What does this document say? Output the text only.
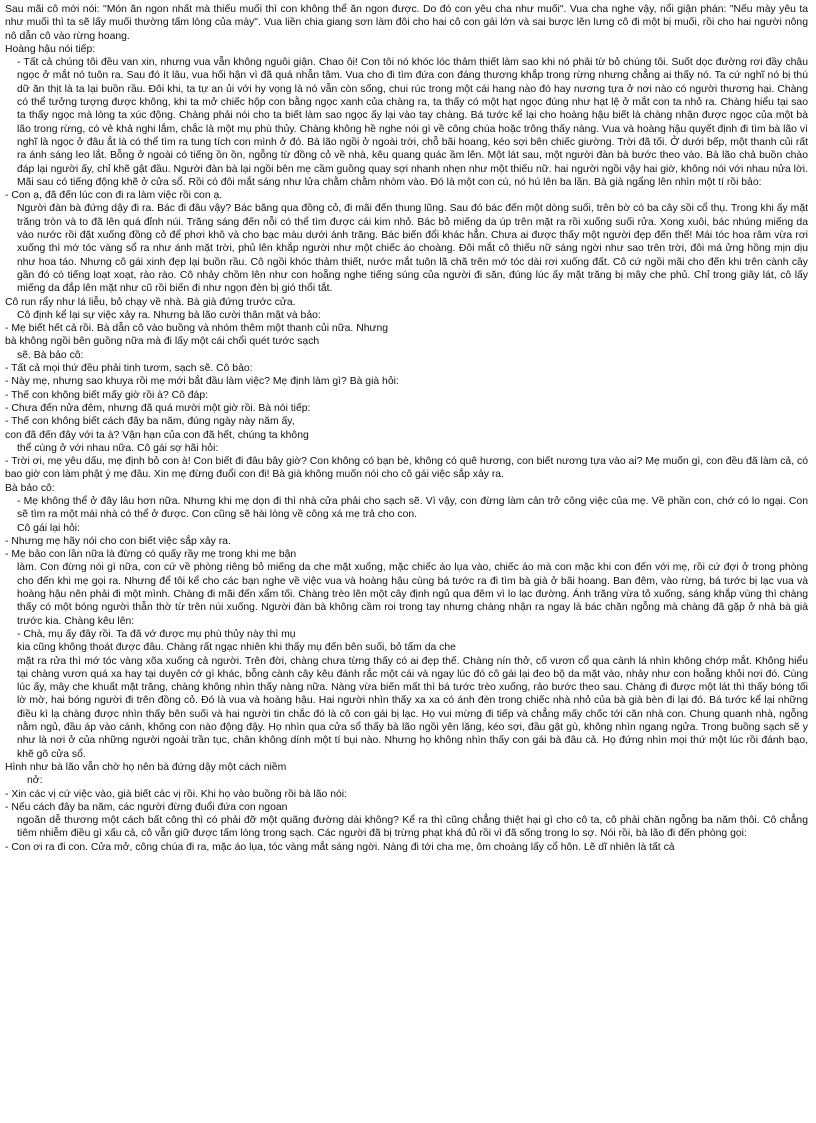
Sau mãi cô mới nói: "Món ăn ngon nhất mà thiếu muối thì con không thể ăn ngon được. Do đó con yêu cha như muối". Vua cha nghe vậy, nổi giận phán: "Nếu mày yêu ta như muối thì ta sẽ lấy muối thường tấm lòng của mày". Vua liền chia giang sơn làm đôi cho hai cô con gái lớn và sai bược lên lưng cô đi một bị muối, rồi cho hai người nông nô dẫn cô vào rừng hoang.

Hoàng hậu nói tiếp:

- Tất cả chúng tôi đều van xin, nhưng vua vẫn không nguôi giận. Chao ôi! Con tôi nó khóc lóc thảm thiết làm sao khi nó phải từ bỏ chúng tôi. Suốt dọc đường rơi đầy châu ngọc ở mắt nó tuôn ra. Sau đó ít lâu, vua hối hận vì đã quá nhẫn tâm. Vua cho đi tìm đứa con đáng thương khắp trong rừng nhưng chẳng ai thấy nó. Ta cứ nghĩ nó bị thú dữ ăn thịt là ta lại buồn rầu. Đôi khi, ta tự an ủi với hy vọng là nó vẫn còn sống, chui rúc trong một cái hang nào đó hay nương tựa ở nơi nào có người thương hại. Chàng có thể tưởng tượng được không, khi ta mở chiếc hộp con bằng ngọc xanh của chàng ra, ta thấy có một hạt ngọc đúng như hạt lệ ở mắt con ta nhỏ ra. Chàng hiểu tại sao ta thấy ngọc mà lòng ta xúc động. Chàng phải nói cho ta biết làm sao ngọc ấy lại vào tay chàng. Bá tước kể lại cho hoàng hậu biết là chàng nhận được ngọc của một bà lão trong rừng, có vẻ khả nghi lắm, chắc là một mụ phù thủy. Chàng không hề nghe nói gì về công chúa hoặc trông thấy nàng. Vua và hoàng hậu quyết định đi tìm bà lão vì nghĩ là ngọc ở đâu ắt là có thể tìm ra tung tích con mình ở đó. Bà lão ngồi ở ngoài trời, chỗ bãi hoang, kéo sợi bên chiếc giường. Trời đã tối. Ở dưới bếp, một thanh củi rất ra ánh sáng leo lắt. Bỗng ở ngoài có tiếng ồn ồn, ngỗng từ đồng cỏ về nhà, kêu quang quác ầm lên. Một lát sau, một người đàn bà bước theo vào. Bà lão chả buồn chào đáp lại người ấy, chỉ khẽ gật đầu. Người đàn bà lại ngồi bên mẹ cầm guồng quay sợi nhanh nhẹn như một thiếu nữ. hai người ngồi vậy hai giờ, không nói với nhau nửa lời. Mãi sau có tiếng động khẽ ở cửa sổ. Rồi có đôi mắt sáng như lửa chằm chằm nhòm vào. Đó là một con cú, nó hú lên ba lần. Bà già ngẩng lên nhìn một tí rồi bảo:

- Con ạ, đã đến lúc con đi ra làm việc rồi con ạ.

Người đàn bà đứng dậy đi ra. Bác đi đâu vậy? Bác băng qua đồng cỏ, đi mãi đến thung lũng. Sau đó bác đến một dòng suối, trên bờ có ba cây sồi cổ thụ. Trong khi ấy mặt trăng tròn và to đã lên quá đỉnh núi. Trăng sáng đến nỗi có thể tìm được cái kim nhỏ. Bác bỏ miếng da úp trên mặt ra rồi xuống suối rửa. Xong xuôi, bác nhúng miếng da vào nước rồi đặt xuống đồng cỏ để phơi khô và cho bạc màu dưới ánh trăng. Bác biến đổi khác hẳn. Chưa ai được thấy một người đẹp đến thế! Mái tóc hoa râm vừa rơi xuống thì mớ tóc vàng sổ ra như ánh mặt trời, phủ lên khắp người như một chiếc áo choàng. Đôi mắt cô thiếu nữ sáng ngời như sao trên trời, đôi má ửng hồng mịn dịu như hoa táo. Nhưng cô gái xinh đẹp lại buồn rầu. Cô ngồi khóc thảm thiết, nước mắt tuôn lã chã trên mớ tóc dài rơi xuống đất. Cô cứ ngồi mãi cho đến khi trên cành cây gần đó có tiếng loạt xoạt, rào rào. Cô nhảy chồm lên như con hoẵng nghe tiếng súng của người đi săn, đúng lúc ấy mặt trăng bị mây che phủ. Chỉ trong giây lát, cô lấy miếng da đắp lên mặt như cũ rồi biến đi như ngọn đèn bị gió thổi tắt.

Cô run rẩy như lá liễu, bỏ chạy về nhà. Bà già đứng trước cửa.

Cô định kể lại sự việc xảy ra. Nhưng bà lão cười thân mật và bảo:

- Mẹ biết hết cả rồi. Bà dẫn cô vào buồng và nhóm thêm một thanh củi nữa. Nhưng

bà không ngồi bên guồng nữa mà đi lấy một cái chổi quét tước sạch

sẽ. Bà bảo cô:

- Tất cả mọi thứ đều phải tinh tươm, sạch sẽ. Cô bảo:

- Này mẹ, nhưng sao khuya rồi mẹ mới bắt đầu làm việc? Mẹ định làm gì? Bà già hỏi:

- Thế con không biết mấy giờ rồi à? Cô đáp:

- Chưa đến nửa đêm, nhưng đã quá mười một giờ rồi. Bà nói tiếp:

- Thế con không biết cách đây ba năm, đúng ngày này năm ấy,

con đã đến đây với ta à? Vận hạn của con đã hết, chúng ta không

thể cùng ở với nhau nữa. Cô gái sợ hãi hỏi:

- Trời ơi, mẹ yêu dấu, mẹ định bỏ con à! Con biết đi đâu bây giờ? Con không có bạn bè, không có quê hương, con biết nương tựa vào ai? Mẹ muốn gì, con đều đã làm cả, có bao giờ con làm phật ý mẹ đâu. Xin mẹ đừng đuổi con đi! Bà già không muốn nói cho cô gái việc sắp xảy ra.

Bà bảo cô:

- Mẹ không thể ở đây lâu hơn nữa. Nhưng khi mẹ dọn đi thì nhà cửa phải cho sạch sẽ. Vì vậy, con đừng làm cản trở công việc của mẹ. Về phần con, chớ có lo ngại. Con sẽ tìm ra một mái nhà có thể ở được. Con cũng sẽ hài lòng về công xá mẹ trả cho con.

Cô gái lại hỏi:

- Nhưng mẹ hãy nói cho con biết việc sắp xảy ra.

- Mẹ bảo con lần nữa là đừng có quấy rầy mẹ trong khi mẹ bận

làm. Con đừng nói gì nữa, con cứ về phòng riêng bỏ miếng da che mặt xuống, mặc chiếc áo lụa vào, chiếc áo mà con mặc khi con đến với mẹ, rồi cứ đợi ở trong phòng cho đến khi mẹ gọi ra. Nhưng để tôi kể cho các bạn nghe về việc vua và hoàng hậu cùng bá tước ra đi tìm bà già ở bãi hoang. Ban đêm, vào rừng, bá tước bị lạc vua và hoàng hậu nên phải đi một mình. Chàng đi mãi đến xẩm tối. Chàng trèo lên một cây định ngủ qua đêm vì lo lạc đường. Ánh trăng vừa tỏ xuống, sáng khắp vùng thì chàng thấy có một bóng người thẫn thờ từ trên núi xuống. Người đàn bà không cầm roi trong tay nhưng chàng nhận ra ngay là bác chăn ngỗng mà chàng đã gặp ở nhà bà già trước kia. Chàng kêu lên:

- Chà, mụ ấy đây rồi. Ta đã vớ được mụ phù thủy này thì mụ

kia cũng không thoát được đâu. Chàng rất ngạc nhiên khi thấy mụ đến bên suối, bỏ tấm da che

mặt ra rửa thì mớ tóc vàng xõa xuống cả người. Trên đời, chàng chưa từng thấy có ai đẹp thế. Chàng nín thở, cố vươn cổ qua cành lá nhìn không chớp mắt. Không hiểu tại chàng vươn quá xa hay tại duyên cớ gì khác, bỗng cành cây kêu đánh rắc một cái và ngay lúc đó cô gái lại đeo bộ da mặt vào, nhảy như con hoẵng khỏi nơi đó. Cùng lúc ấy, mây che khuất mặt trăng, chàng không nhìn thấy nàng nữa. Nàng vừa biến mất thì bá tước trèo xuống, rảo bước theo sau. Chàng đi được một lát thì thấy bóng tối lờ mờ, hai bóng người đi trên đồng cỏ. Đó là vua và hoàng hậu. Hai người nhìn thấy xa xa có ánh đèn trong chiếc nhà nhỏ của bà già bèn đi lại đó. Bá tước kể lại những điều kì lạ chàng được nhìn thấy bên suối và hai người tin chắc đó là cô con gái bị lạc. Họ vui mừng đi tiếp và chẳng mấy chốc tới căn nhà con. Chung quanh nhà, ngỗng nằm ngủ, đầu áp vào cánh, không con nào động đậy. Họ nhìn qua cửa sổ thấy bà lão ngồi yên lặng, kéo sợi, đầu gật gù, không nhìn ngang ngửa. Trong buồng sạch sẽ y như là nơi ở của những người ngoài trần tục, chân không dính một tí bụi nào. Nhưng họ không nhìn thấy con gái bà đâu cả. Họ đứng nhìn mọi thứ một lúc rồi đánh bạo, khẽ gõ cửa sổ.

Hình như bà lão vẫn chờ họ nên bà đứng dậy một cách niềm

nở:

- Xin các vị cứ việc vào, già biết các vị rồi. Khi họ vào buồng rồi bà lão nói:

- Nếu cách đây ba năm, các người đừng đuổi đứa con ngoan

ngoãn dễ thương một cách bất công thì có phải đỡ một quãng đường dài không? Kể ra thì cũng chẳng thiệt hại gì cho cô ta, cô phải chăn ngỗng ba năm thôi. Cô chẳng tiêm nhiễm điều gì xấu cả, cô vẫn giữ được tấm lòng trong sạch. Các người đã bị trừng phạt khá đủ rồi vì đã sống trong lo sợ. Nói rồi, bà lão đi đến phòng gọi:

- Con ơi ra đi con. Cửa mở, công chúa đi ra, mặc áo lụa, tóc vàng mắt sáng ngời. Nàng đi tới cha mẹ, ôm choàng lấy cổ hôn. Lẽ dĩ nhiên là tất cả
